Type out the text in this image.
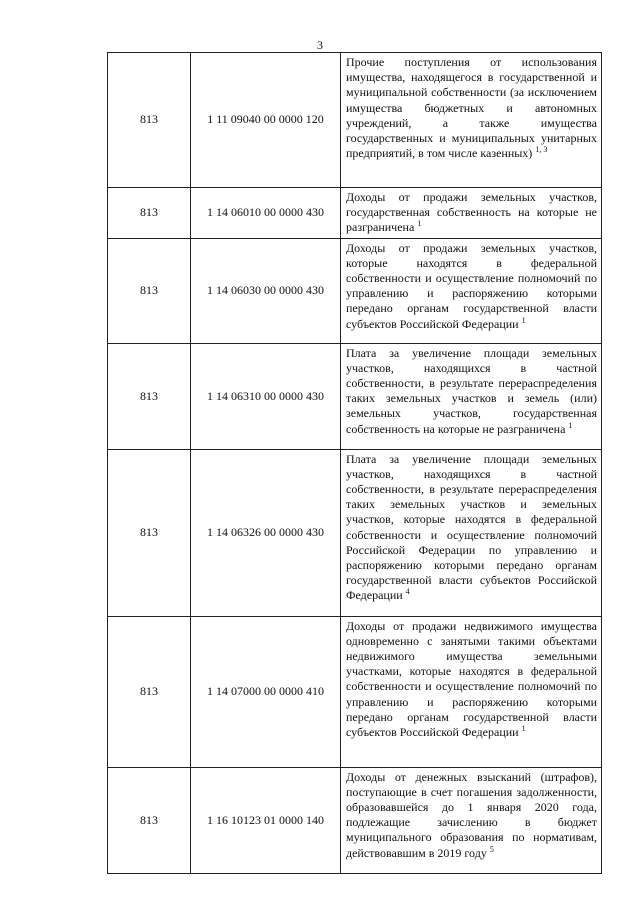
3
813	1 11 09040 00 0000 120	Прочие поступления от использования имущества, находящегося в государственной и муниципальной собственности (за исключением имущества бюджетных и автономных учреждений, а также имущества государственных и муниципальных унитарных предприятий, в том числе казенных) $^{1, 3}$
813	1 14 06010 00 0000 430	Доходы от продажи земельных участков, государственная собственность на которые не разграничена $^1$
813	1 14 06030 00 0000 430	Доходы от продажи земельных участков, которые находятся в федеральной собственности и осуществление полномочий по управлению и распоряжению которыми передано органам государственной власти субъектов Российской Федерации $^1$
813	1 14 06310 00 0000 430	Плата за увеличение площади земельных участков, находящихся в частной собственности, в результате перераспределения таких земельных участков и земель (или) земельных участков, государственная собственность на которые не разграничена $^1$
813	1 14 06326 00 0000 430	Плата за увеличение площади земельных участков, находящихся в частной собственности, в результате перераспределения таких земельных участков и земельных участков, которые находятся в федеральной собственности и осуществление полномочий Российской Федерации по управлению и распоряжению которыми передано органам государственной власти субъектов Российской Федерации $^4$
813	1 14 07000 00 0000 410	Доходы от продажи недвижимого имущества одновременно с занятыми такими объектами недвижимого имущества земельными участками, которые находятся в федеральной собственности и осуществление полномочий по управлению и распоряжению которыми передано органам государственной власти субъектов Российской Федерации $^1$
813	1 16 10123 01 0000 140	Доходы от денежных взысканий (штрафов), поступающие в счет погашения задолженности, образовавшейся до 1 января 2020 года, подлежащие зачислению в бюджет муниципального образования по нормативам, действовавшим в 2019 году $^5$
